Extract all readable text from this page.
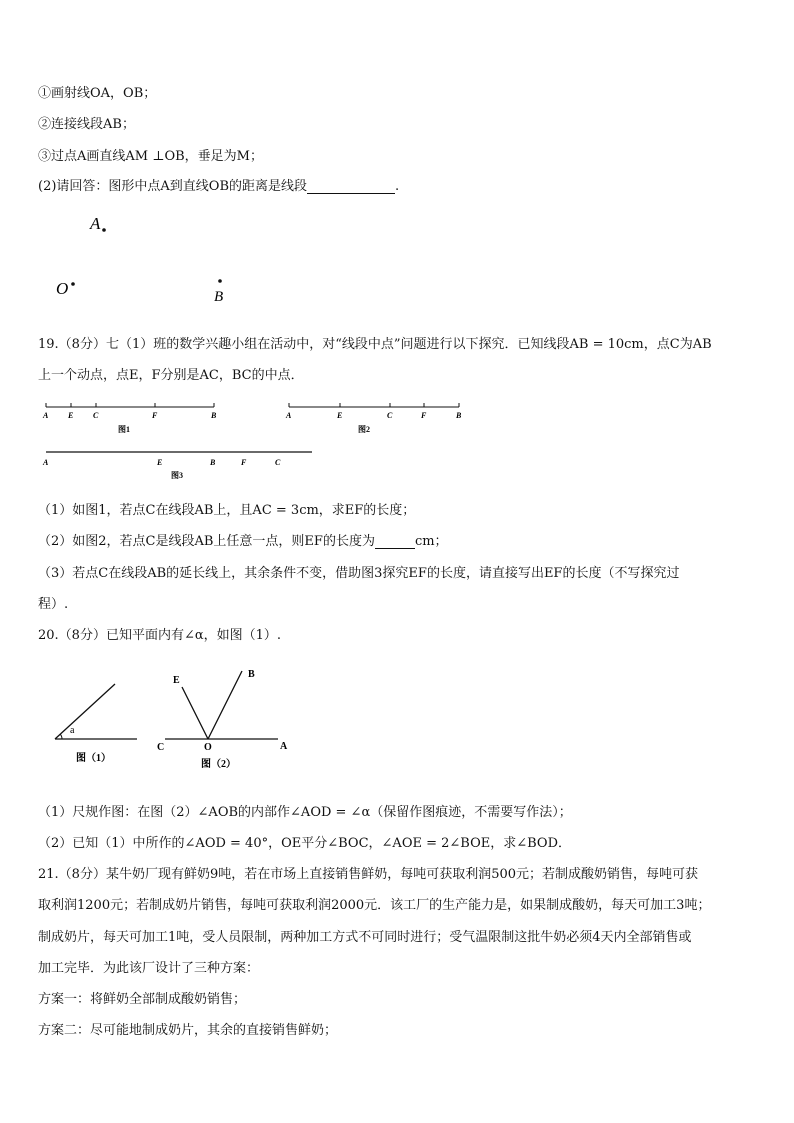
①画射线OA，OB；
②连接线段AB；
③过点A画直线AM ⊥OB，垂足为M；
(2)请回答：图形中点A到直线OB的距离是线段	.
A
O	B
19.（8分）七（1）班的数学兴趣小组在活动中，对“线段中点”问题进行以下探究．已知线段AB = 10cm，点C为AB
上一个动点，点E，F分别是AC，BC的中点．
A E C	F	B
图1
A	E	C	F	B
图2
A	E	B	F	C
图3
（1）如图1，若点C在线段AB上，且AC = 3cm，求EF的长度；
（2）如图2，若点C是线段AB上任意一点，则EF的长度为	cm；
（3）若点C在线段AB的延长线上，其余条件不变，借助图3探究EF的长度，请直接写出EF的长度（不写探究过
程）.
20.（8分）已知平面内有∠α，如图（1）.
a
图（1）
E
B
C	O	A
图（2）
（1）尺规作图：在图（2）∠AOB的内部作∠AOD = ∠α（保留作图痕迹，不需要写作法）；
（2）已知（1）中所作的∠AOD = 40°，OE平分∠BOC，∠AOE = 2∠BOE，求∠BOD．
21.（8分）某牛奶厂现有鲜奶9吨，若在市场上直接销售鲜奶，每吨可获取利润500元；若制成酸奶销售，每吨可获
取利润1200元；若制成奶片销售，每吨可获取利润2000元．该工厂的生产能力是，如果制成酸奶，每天可加工3吨；
制成奶片，每天可加工1吨，受人员限制，两种加工方式不可同时进行；受气温限制这批牛奶必须4天内全部销售或
加工完毕．为此该厂设计了三种方案：
方案一：将鲜奶全部制成酸奶销售；
方案二：尽可能地制成奶片，其余的直接销售鲜奶；
